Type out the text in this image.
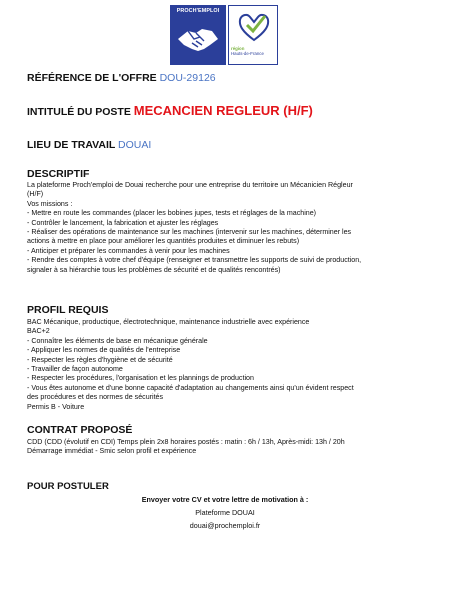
PROCH'EMPLOI
région
Hauts-de-France
RÉFÉRENCE DE L'OFFRE DOU-29126
INTITULÉ DU POSTE MECANCIEN REGLEUR (H/F)
LIEU DE TRAVAIL DOUAI
DESCRIPTIF
La plateforme Proch'emploi de Douai recherche pour une entreprise du territoire un Mécanicien Régleur
(H/F)
Vos missions :
- Mettre en route les commandes (placer les bobines jupes, tests et réglages de la machine)
- Contrôler le lancement, la fabrication et ajuster les réglages
- Réaliser des opérations de maintenance sur les machines (intervenir sur les machines, déterminer les
actions à mettre en place pour améliorer les quantités produites et diminuer les rebuts)
- Anticiper et préparer les commandes à venir pour les machines
- Rendre des comptes à votre chef d'équipe (renseigner et transmettre les supports de suivi de production,
signaler à sa hiérarchie tous les problèmes de sécurité et de qualités rencontrés)
PROFIL REQUIS
BAC Mécanique, productique, électrotechnique, maintenance industrielle avec expérience
BAC+2
- Connaître les éléments de base en mécanique générale
- Appliquer les normes de qualités de l'entreprise
- Respecter les règles d'hygiène et de sécurité
- Travailler de façon autonome
- Respecter les procédures, l'organisation et les plannings de production
- Vous êtes autonome et d'une bonne capacité d'adaptation au changements ainsi qu'un évident respect
des procédures et des normes de sécurités
Permis B - Voiture
CONTRAT PROPOSÉ
CDD (CDD (évolutif en CDI) Temps plein 2x8 horaires postés : matin : 6h / 13h, Après-midi: 13h / 20h
Démarrage immédiat - Smic selon profil et expérience
POUR POSTULER
Envoyer votre CV et votre lettre de motivation à :
Plateforme DOUAI
douai@prochemploi.fr
